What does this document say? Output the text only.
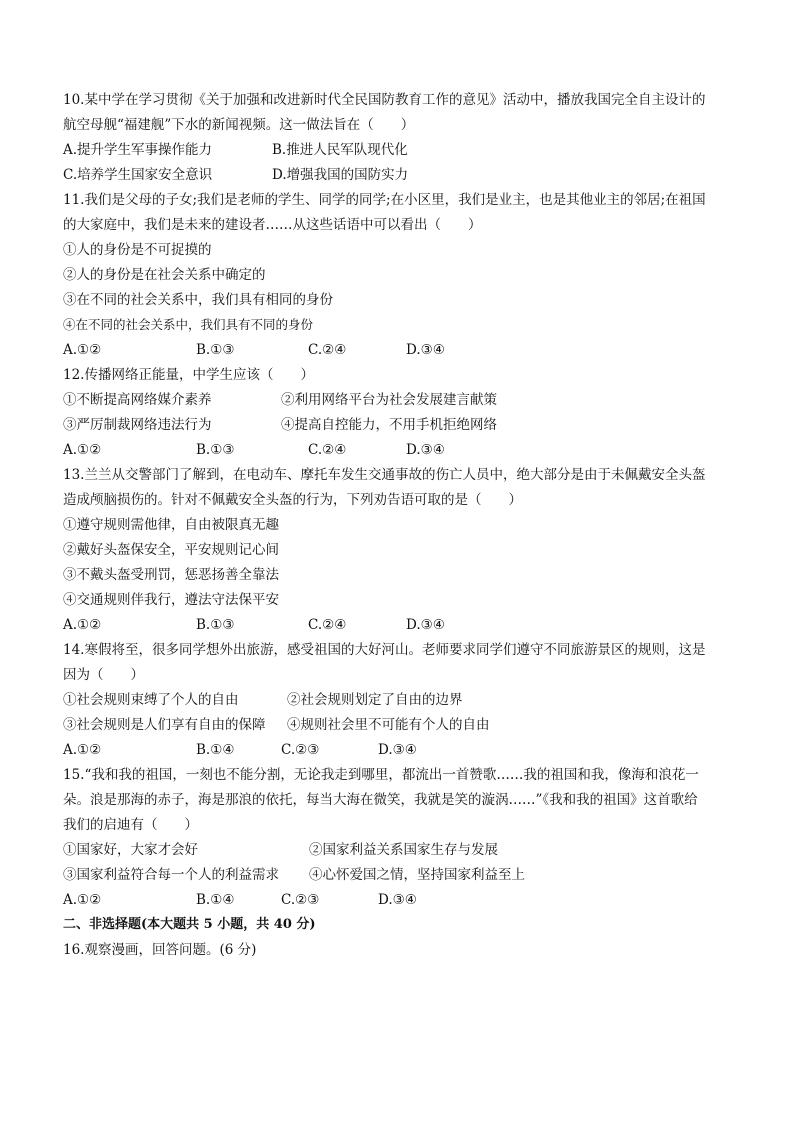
10.某中学在学习贯彻《关于加强和改进新时代全民国防教育工作的意见》活动中，播放我国完全自主设计的
航空母舰“福建舰”下水的新闻视频。这一做法旨在（　　）
A.提升学生军事操作能力	B.推进人民军队现代化
C.培养学生国家安全意识	D.增强我国的国防实力
11.我们是父母的子女;我们是老师的学生、同学的同学;在小区里，我们是业主，也是其他业主的邻居;在祖国
的大家庭中，我们是未来的建设者……从这些话语中可以看出（　　）
①人的身份是不可捉摸的
②人的身份是在社会关系中确定的
③在不同的社会关系中，我们具有相同的身份
④在不同的社会关系中，我们具有不同的身份
A.①②	B.①③	C.②④	D.③④
12.传播网络正能量，中学生应该（　　）
①不断提高网络媒介素养	②利用网络平台为社会发展建言献策
③严厉制裁网络违法行为	④提高自控能力，不用手机拒绝网络
A.①②	B.①③	C.②④	D.③④
13.兰兰从交警部门了解到，在电动车、摩托车发生交通事故的伤亡人员中，绝大部分是由于未佩戴安全头盔
造成颅脑损伤的。针对不佩戴安全头盔的行为，下列劝告语可取的是（　　）
①遵守规则需他律，自由被限真无趣
②戴好头盔保安全，平安规则记心间
③不戴头盔受刑罚，惩恶扬善全靠法
④交通规则伴我行，遵法守法保平安
A.①②	B.①③	C.②④	D.③④
14.寒假将至，很多同学想外出旅游，感受祖国的大好河山。老师要求同学们遵守不同旅游景区的规则，这是
因为（　　）
①社会规则束缚了个人的自由	②社会规则划定了自由的边界
③社会规则是人们享有自由的保障 ④规则社会里不可能有个人的自由
A.①②	B.①④	C.②③	D.③④
15.“我和我的祖国，一刻也不能分割，无论我走到哪里，都流出一首赞歌……我的祖国和我，像海和浪花一
朵。浪是那海的赤子，海是那浪的依托，每当大海在微笑，我就是笑的漩涡……”《我和我的祖国》这首歌给
我们的启迪有（　　）
①国家好，大家才会好	②国家利益关系国家生存与发展
③国家利益符合每一个人的利益需求 ④心怀爱国之情，坚持国家利益至上
A.①②	B.①④	C.②③	D.③④
二、非选择题(本大题共 5 小题，共 40 分)
16.观察漫画，回答问题。(6 分)
